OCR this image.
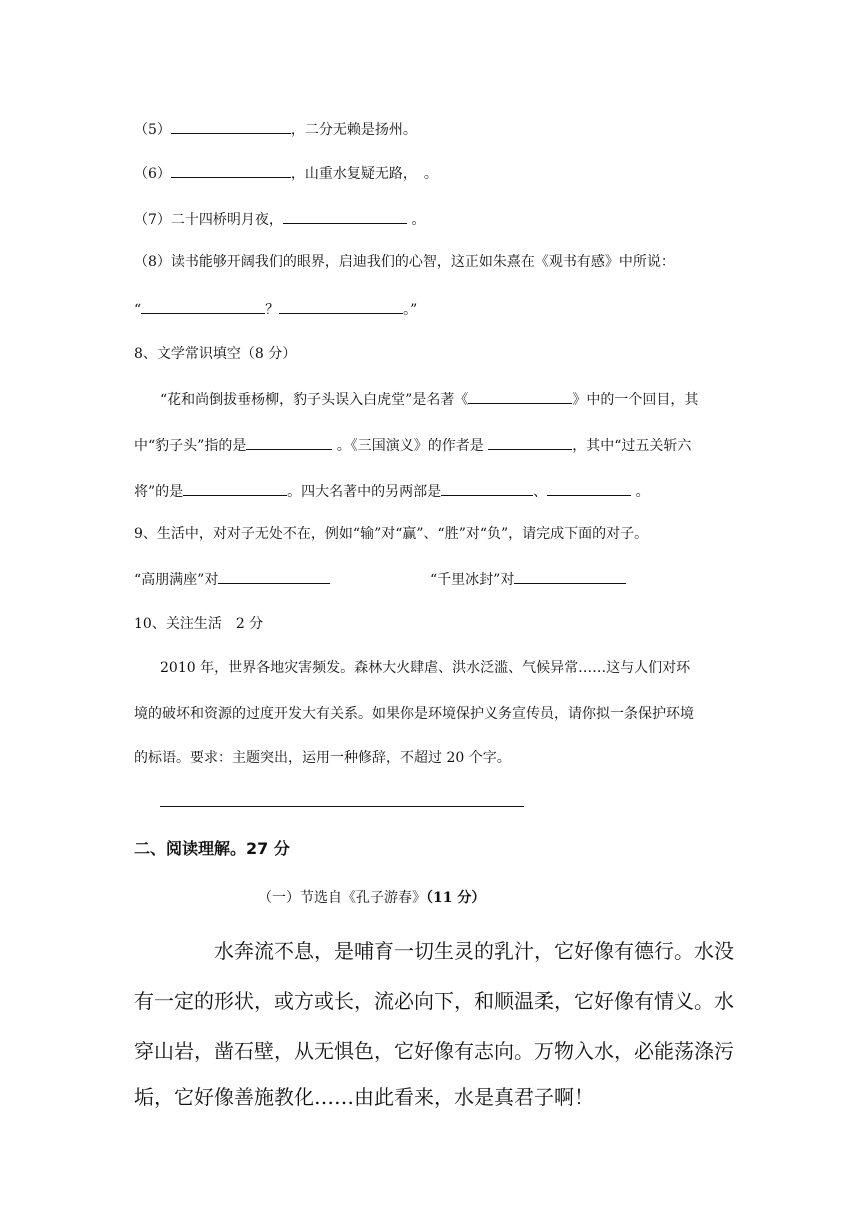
（5）	，二分无赖是扬州。
（6）	，山重水复疑无路，　。
（7）二十四桥明月夜，	。
（8）读书能够开阔我们的眼界，启迪我们的心智，这正如朱熹在《观书有感》中所说：
“	？	。”
8、文学常识填空（8 分）
“花和尚倒拔垂杨柳，豹子头误入白虎堂”是名著《	》中的一个回目，其
中“豹子头”指的是	。《三国演义》的作者是	，其中“过五关斩六
将”的是	。四大名著中的另两部是	、	。
9、生活中，对对子无处不在，例如“输”对“赢”、“胜”对“负”，请完成下面的对子。
“高朋满座”对	“千里冰封”对
10、关注生活　2 分
2010 年，世界各地灾害频发。森林大火肆虐、洪水泛滥、气候异常……这与人们对环
境的破坏和资源的过度开发大有关系。如果你是环境保护义务宣传员，请你拟一条保护环境
的标语。要求：主题突出，运用一种修辞，不超过 20 个字。
二、阅读理解。27 分
（一）节选自《孔子游春》（11 分）
水奔流不息，是哺育一切生灵的乳汁，它好像有德行。水没
有一定的形状，或方或长，流必向下，和顺温柔，它好像有情义。水
穿山岩，凿石壁，从无惧色，它好像有志向。万物入水，必能荡涤污
垢，它好像善施教化……由此看来，水是真君子啊！
